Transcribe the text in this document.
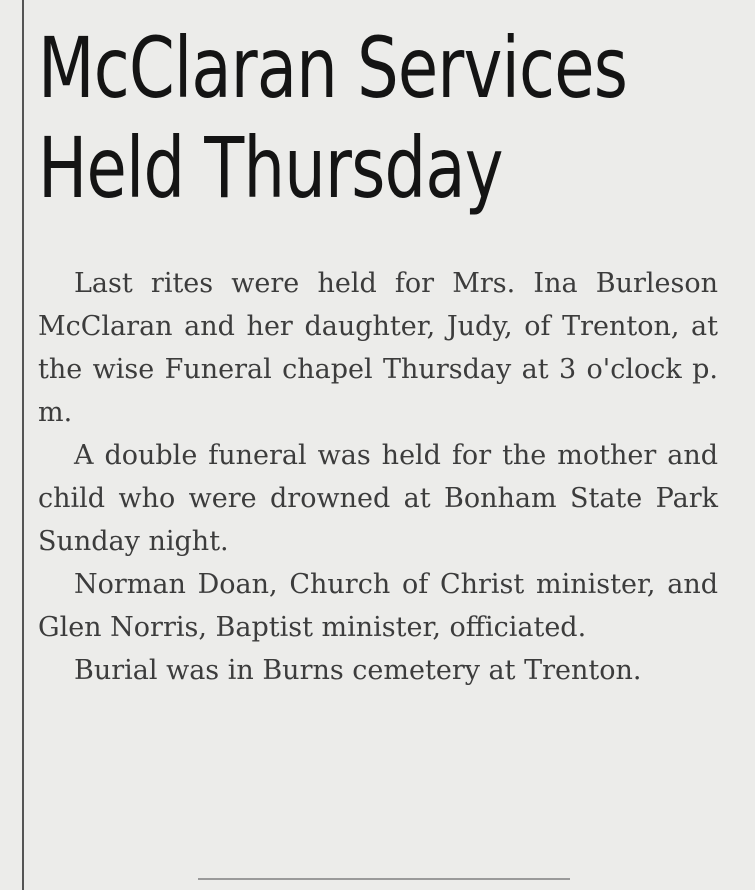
McClaran Services
Held Thursday

Last rites were held for Mrs. Ina Burleson McClaran and her daughter, Judy, of Trenton, at the wise Funeral chapel Thursday at 3 o'clock p. m.

A double funeral was held for the mother and child who were drowned at Bonham State Park Sunday night.

Norman Doan, Church of Christ minister, and Glen Norris, Baptist minister, officiated.

Burial was in Burns cemetery at Trenton.
